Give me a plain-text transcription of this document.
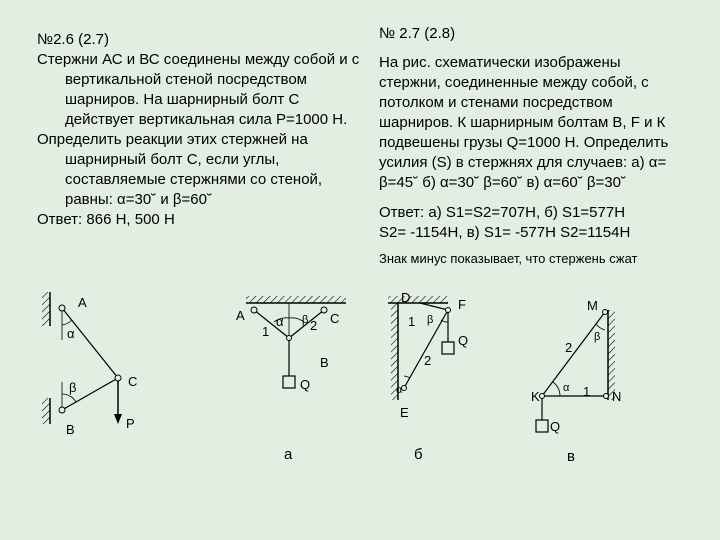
№2.6 (2.7)

Стержни АС и ВС соединены между собой и с вертикальной стеной посредством шарниров. На шарнирный болт С действует вертикальная сила Р=1000 Н.

Определить реакции этих стержней на шарнирный болт С, если углы, составляемые стержнями со стеной, равны: α=30˘ и β=60˘

Ответ: 866 Н, 500 Н

№ 2.7 (2.8)

На рис. схематически изображены стержни, соединенные между собой, с потолком и стенами посредством шарниров. К шарнирным болтам B, F и К подвешены грузы Q=1000 Н. Определить усилия (S) в стержнях для случаев: а) α= β=45˘ б) α=30˘ β=60˘ в) α=60˘ β=30˘

Ответ: а) S1=S2=707Н, б) S1=577Н

S2= -1154Н, в) S1= -577Н S2=1154Н

Знак минус показывает, что стержень сжат

A
α
β	C
B	P
A
1
α β 2 C
B
Q
а
D	F
1 β
Q
2
α
E
б
M
β
2
K
α 1 N
Q
в
